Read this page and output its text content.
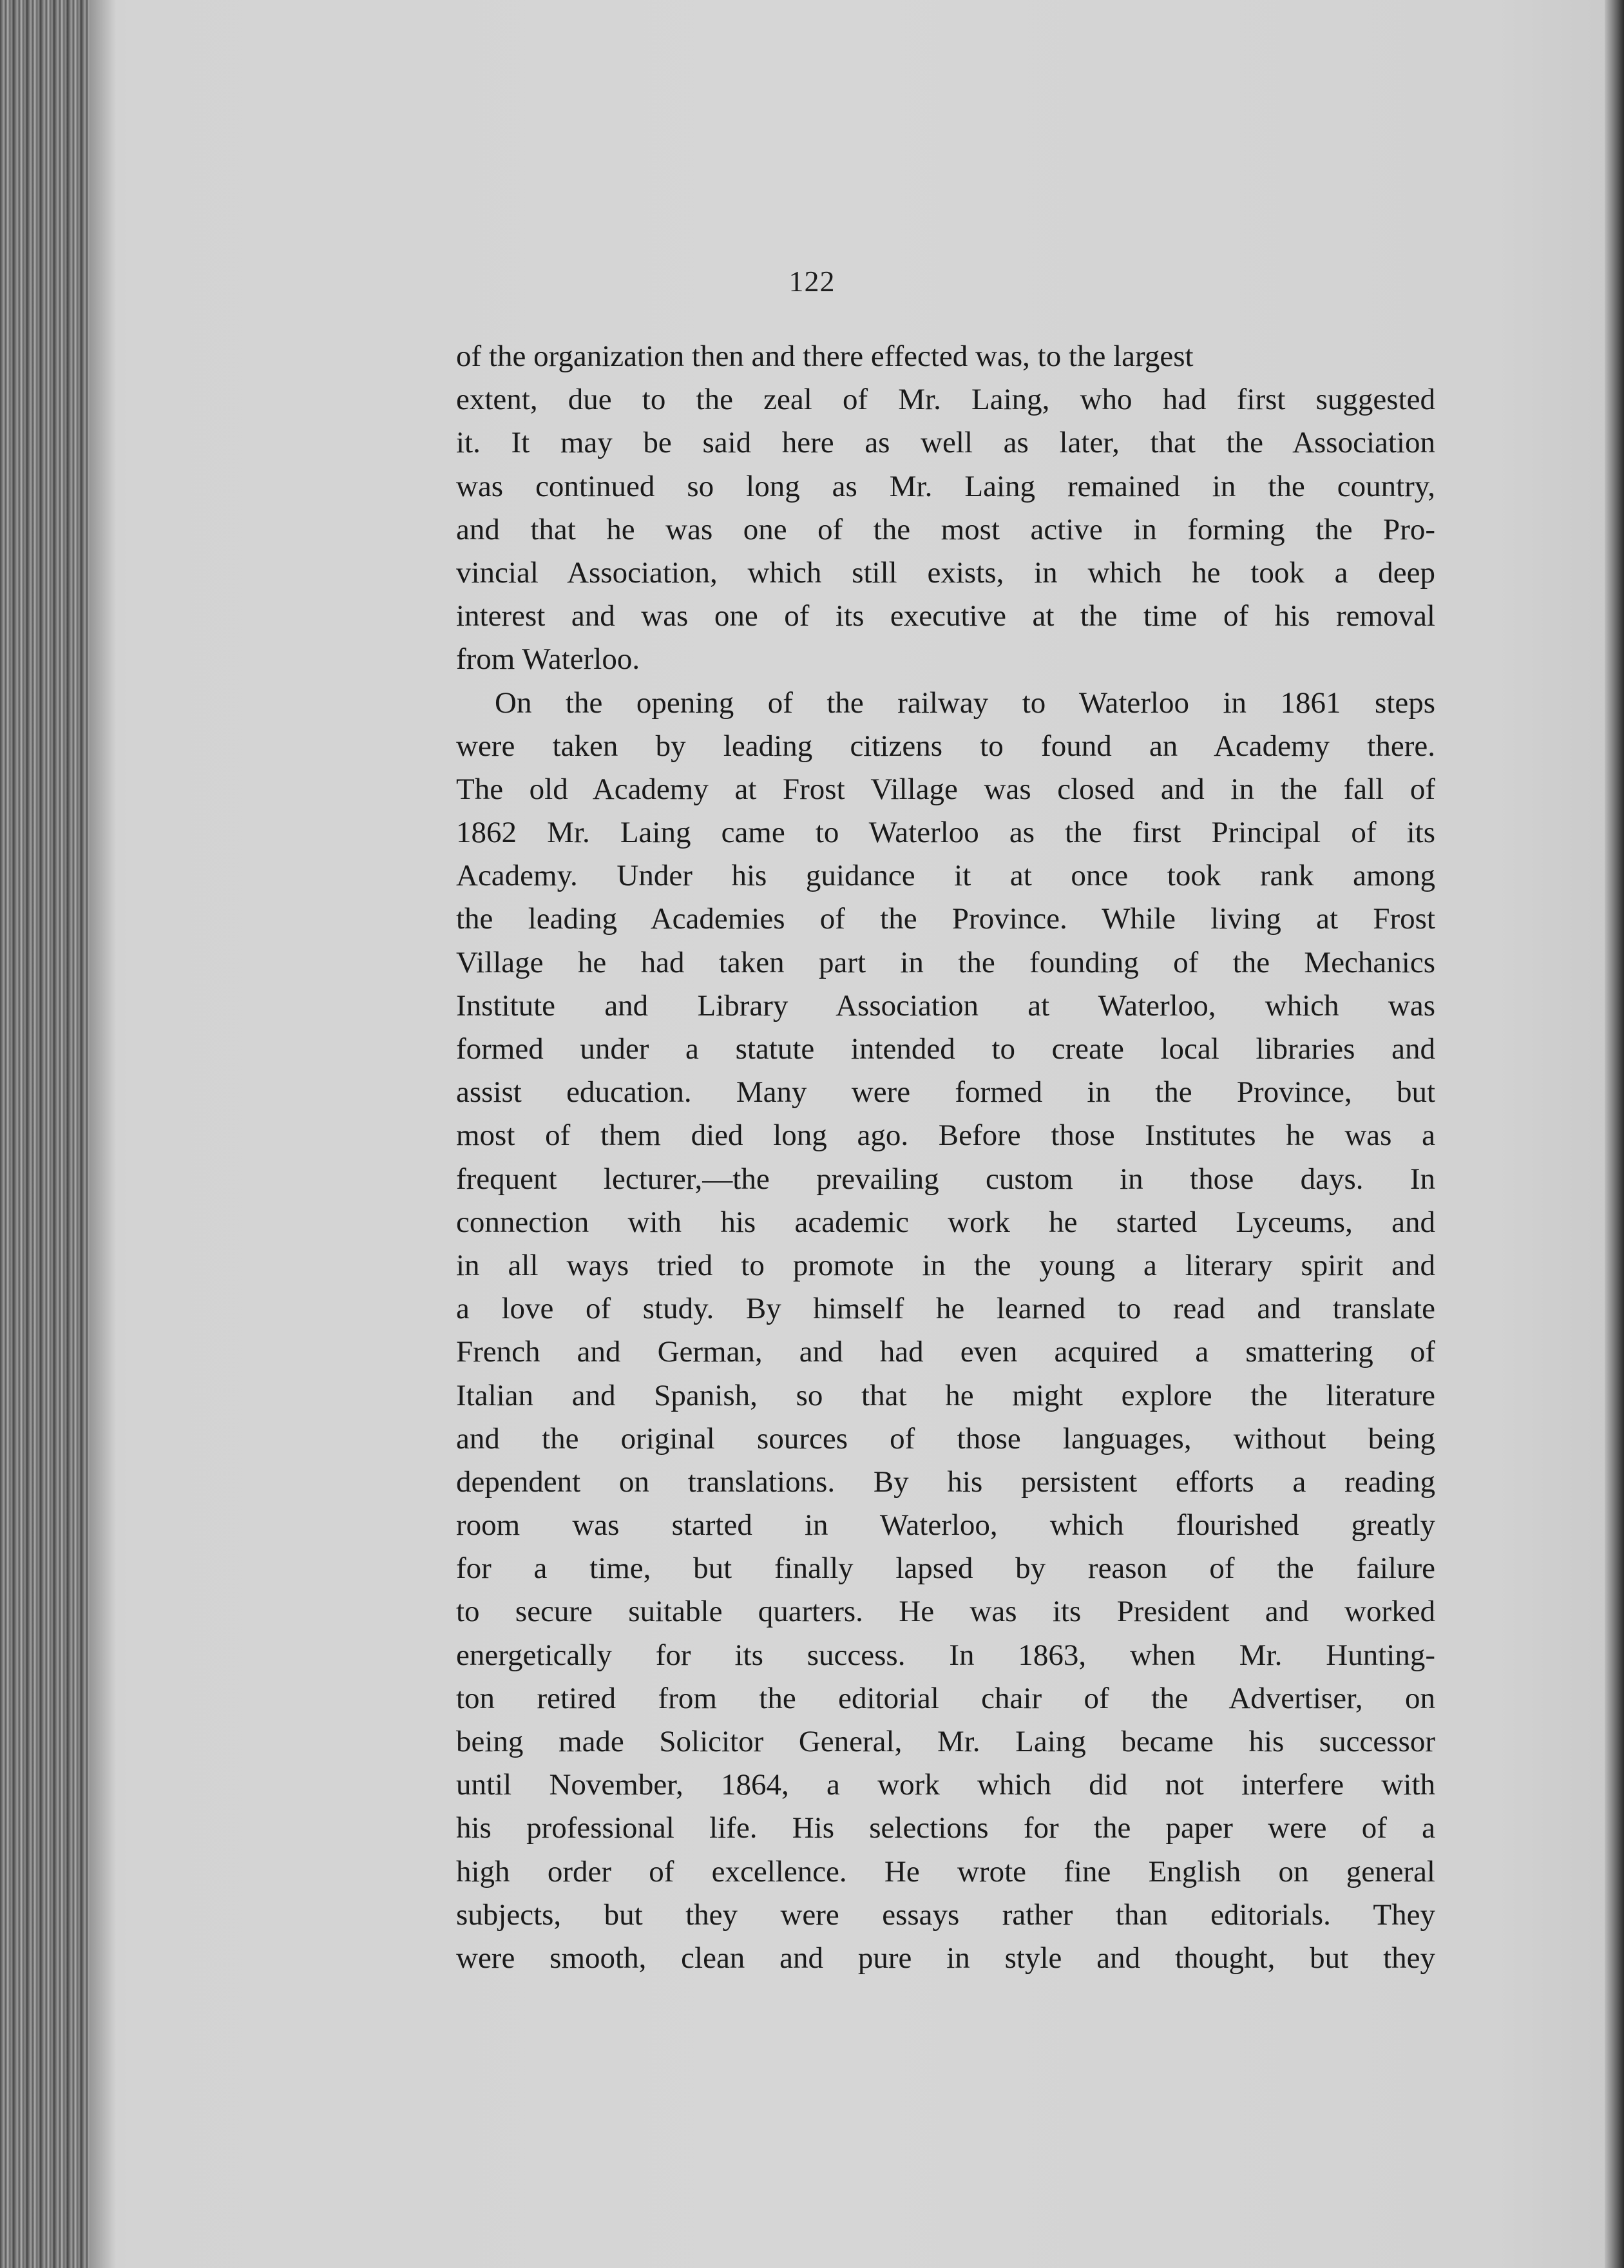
122
of the organization then and there effected was, to the largest
extent, due to the zeal of Mr. Laing, who had first suggested
it. It may be said here as well as later, that the Association
was continued so long as Mr. Laing remained in the country,
and that he was one of the most active in forming the Pro-
vincial Association, which still exists, in which he took a deep
interest and was one of its executive at the time of his removal
from Waterloo.
On the opening of the railway to Waterloo in 1861 steps
were taken by leading citizens to found an Academy there.
The old Academy at Frost Village was closed and in the fall of
1862 Mr. Laing came to Waterloo as the first Principal of its
Academy. Under his guidance it at once took rank among
the leading Academies of the Province. While living at Frost
Village he had taken part in the founding of the Mechanics
Institute and Library Association at Waterloo, which was
formed under a statute intended to create local libraries and
assist education. Many were formed in the Province, but
most of them died long ago. Before those Institutes he was a
frequent lecturer,—the prevailing custom in those days. In
connection with his academic work he started Lyceums, and
in all ways tried to promote in the young a literary spirit and
a love of study. By himself he learned to read and translate
French and German, and had even acquired a smattering of
Italian and Spanish, so that he might explore the literature
and the original sources of those languages, without being
dependent on translations. By his persistent efforts a reading
room was started in Waterloo, which flourished greatly
for a time, but finally lapsed by reason of the failure
to secure suitable quarters. He was its President and worked
energetically for its success. In 1863, when Mr. Hunting-
ton retired from the editorial chair of the Advertiser, on
being made Solicitor General, Mr. Laing became his successor
until November, 1864, a work which did not interfere with
his professional life. His selections for the paper were of a
high order of excellence. He wrote fine English on general
subjects, but they were essays rather than editorials. They
were smooth, clean and pure in style and thought, but they
